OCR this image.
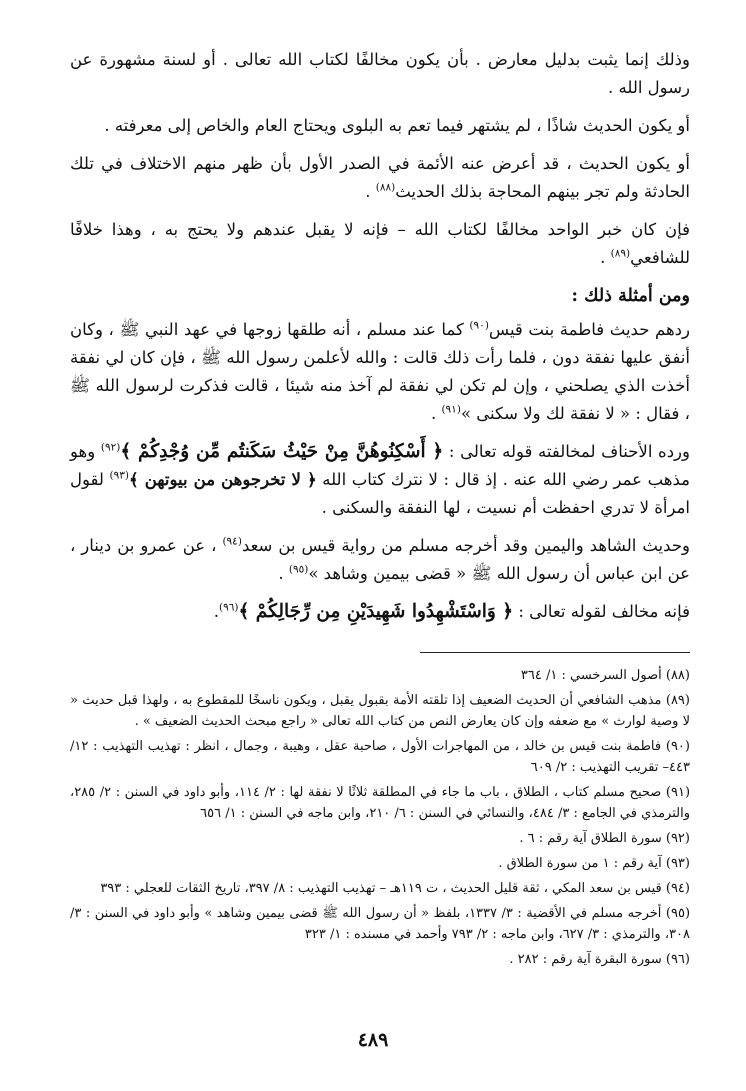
وذلك إنما يثبت بدليل معارض . بأن يكون مخالفًا لكتاب الله تعالى . أو لسنة مشهورة عن رسول الله .

أو يكون الحديث شاذًا ، لم يشتهر فيما تعم به البلوى ويحتاج العام والخاص إلى معرفته .

أو يكون الحديث ، قد أعرض عنه الأئمة في الصدر الأول بأن ظهر منهم الاختلاف في تلك الحادثة ولم تجر بينهم المحاجة بذلك الحديث$^{(٨٨)}$ .

فإن كان خبر الواحد مخالفًا لكتاب الله – فإنه لا يقبل عندهم ولا يحتج به ، وهذا خلافًا للشافعي$^{(٨٩)}$ .

ومن أمثلة ذلك :

ردهم حديث فاطمة بنت قيس$^{(٩٠)}$ كما عند مسلم ، أنه طلقها زوجها في عهد النبي ﷺ ، وكان أنفق عليها نفقة دون ، فلما رأت ذلك قالت : والله لأعلمن رسول الله ﷺ ، فإن كان لي نفقة أخذت الذي يصلحني ، وإن لم تكن لي نفقة لم آخذ منه شيئا ، قالت فذكرت لرسول الله ﷺ ، فقال : « لا نفقة لك ولا سكنى »$^{(٩١)}$ .

ورده الأحناف لمخالفته قوله تعالى : ﴿ أَسْكِنُوهُنَّ مِنْ حَيْثُ سَكَنتُم مِّن وُجْدِكُمْ ﴾$^{(٩٢)}$ وهو مذهب عمر رضي الله عنه . إذ قال : لا نترك كتاب الله ﴿ لا تخرجوهن من بيوتهن ﴾$^{(٩٣)}$ لقول امرأة لا تدري احفظت أم نسيت ، لها النفقة والسكنى .

وحديث الشاهد واليمين وقد أخرجه مسلم من رواية قيس بن سعد$^{(٩٤)}$ ، عن عمرو بن دينار ، عن ابن عباس أن رسول الله ﷺ « قضى بيمين وشاهد »$^{(٩٥)}$ .

فإنه مخالف لقوله تعالى : ﴿ وَاسْتَشْهِدُوا شَهِيدَيْنِ مِن رِّجَالِكُمْ ﴾$^{(٩٦)}$.

(٨٨) أصول السرخسي : ١/ ٣٦٤

(٨٩) مذهب الشافعي أن الحديث الضعيف إذا تلقته الأمة بقبول يقبل ، ويكون ناسخًا للمقطوع به ، ولهذا قبل حديث « لا وصية لوارث » مع ضعفه وإن كان يعارض النص من كتاب الله تعالى « راجع مبحث الحديث الضعيف » .

(٩٠) فاطمة بنت قيس بن خالد ، من المهاجرات الأول ، صاحبة عقل ، وهيبة ، وجمال ، انظر : تهذيب التهذيب : ١٢/ ٤٤٣– تقريب التهذيب : ٢/ ٦٠٩

(٩١) صحيح مسلم كتاب ، الطلاق ، باب ما جاء في المطلقة ثلاثًا لا نفقة لها : ٢/ ١١٤، وأبو داود في السنن : ٢/ ٢٨٥، والترمذي في الجامع : ٣/ ٤٨٤، والنسائي في السنن : ٦/ ٢١٠، وابن ماجه في السنن : ١/ ٦٥٦

(٩٢) سورة الطلاق آية رقم : ٦ .

(٩٣) آية رقم : ١ من سورة الطلاق .

(٩٤) قيس بن سعد المكي ، ثقة قليل الحديث ، ت ١١٩هـ – تهذيب التهذيب : ٨/ ٣٩٧، تاريخ الثقات للعجلي : ٣٩٣

(٩٥) أخرجه مسلم في الأقضية : ٣/ ١٣٣٧، بلفظ « أن رسول الله ﷺ قضى بيمين وشاهد » وأبو داود في السنن : ٣/ ٣٠٨، والترمذي : ٣/ ٦٢٧، وابن ماجه : ٢/ ٧٩٣ وأحمد في مسنده : ١/ ٣٢٣

(٩٦) سورة البقرة آية رقم : ٢٨٢ .

٤٨٩
